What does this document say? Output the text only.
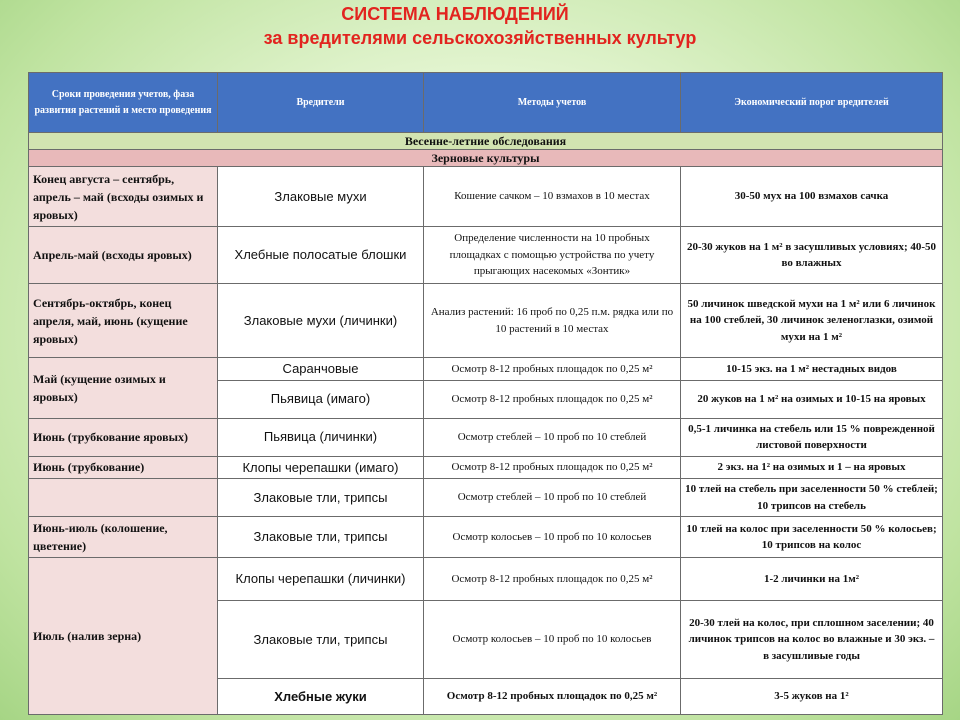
СИСТЕМА НАБЛЮДЕНИЙ
за вредителями сельскохозяйственных культур
Сроки проведения учетов, фаза развития растений и место проведения	Вредители	Методы учетов	Экономический порог вредителей
Весенне-летние обследования			
Зерновые культуры			
Конец августа – сентябрь, апрель – май (всходы озимых и яровых)	Злаковые мухи	Кошение сачком – 10 взмахов в 10 местах	30-50 мух на 100 взмахов сачка
Апрель-май (всходы яровых)	Хлебные полосатые блошки	Определение численности на 10 пробных площадках с помощью устройства по учету прыгающих насекомых «Зонтик»	20-30 жуков на 1 м² в засушливых условиях; 40-50 во влажных
Сентябрь-октябрь, конец апреля, май, июнь (кущение яровых)	Злаковые мухи (личинки)	Анализ растений: 16 проб по 0,25 п.м. рядка или по 10 растений в 10 местах	50 личинок шведской мухи на 1 м² или 6 личинок на 100 стеблей, 30 личинок зеленоглазки, озимой мухи на 1 м²
Май (кущение озимых и яровых)	Саранчовые	Осмотр 8-12 пробных площадок по 0,25 м²	10-15 экз. на 1 м² нестадных видов
	Пьявица (имаго)	Осмотр 8-12 пробных площадок по 0,25 м²	20 жуков на 1 м² на озимых и 10-15 на яровых
Июнь (трубкование яровых)	Пьявица (личинки)	Осмотр стеблей – 10 проб по 10 стеблей	0,5-1 личинка на стебель или 15 % поврежденной листовой поверхности
Июнь (трубкование)	Клопы черепашки (имаго)	Осмотр 8-12 пробных площадок по 0,25 м²	2 экз. на 1² на озимых и 1 – на яровых
	Злаковые тли, трипсы	Осмотр стеблей – 10 проб по 10 стеблей	10 тлей на стебель при заселенности 50 % стеблей; 10 трипсов на стебель
Июнь-июль (колошение, цветение)	Злаковые тли, трипсы	Осмотр колосьев – 10 проб по 10 колосьев	10 тлей на колос при заселенности 50 % колосьев; 10 трипсов на колос
Июль (налив зерна)	Клопы черепашки (личинки)	Осмотр 8-12 пробных площадок по 0,25 м²	1-2 личинки на 1м²
	Злаковые тли, трипсы	Осмотр колосьев – 10 проб по 10 колосьев	20-30 тлей на колос, при сплошном заселении; 40 личинок трипсов на колос во влажные и 30 экз. – в засушливые годы
	Хлебные жуки	Осмотр 8-12 пробных площадок по 0,25 м²	3-5 жуков на 1²
